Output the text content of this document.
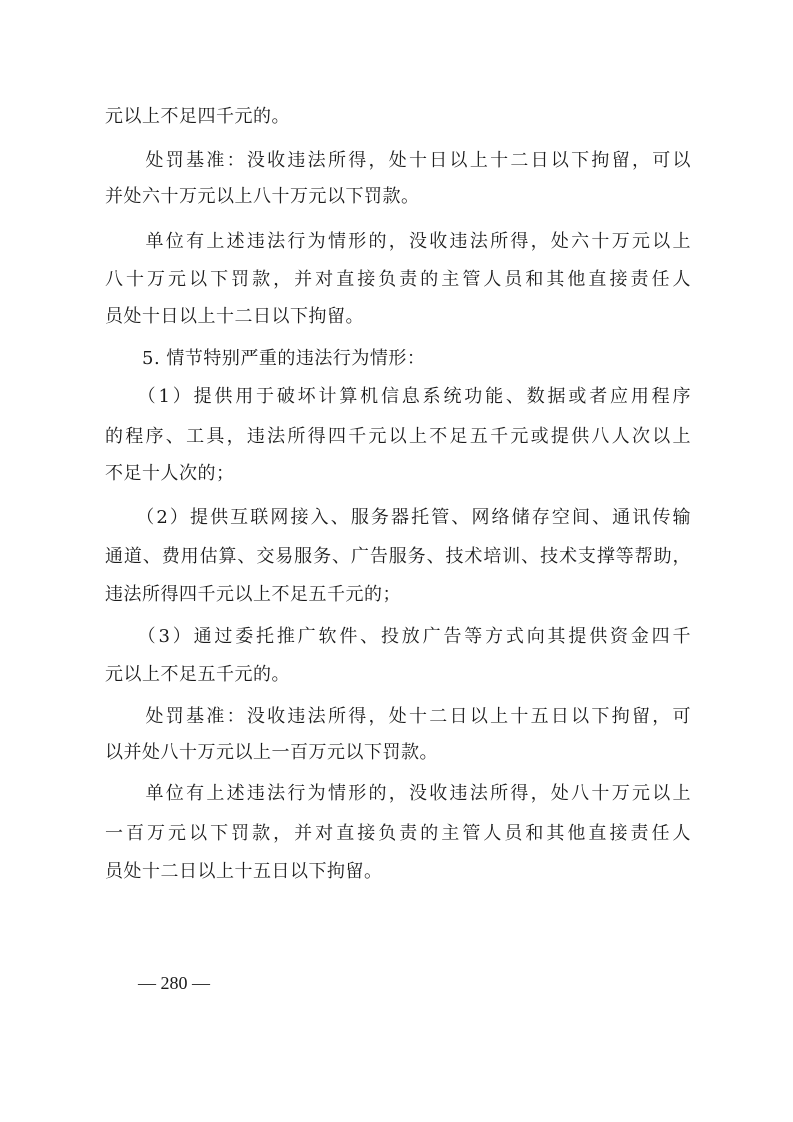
元以上不足四千元的。
　　处罚基准：没收违法所得，处十日以上十二日以下拘留，可以
并处六十万元以上八十万元以下罚款。
　　单位有上述违法行为情形的，没收违法所得，处六十万元以上
八十万元以下罚款，并对直接负责的主管人员和其他直接责任人
员处十日以上十二日以下拘留。
　　5. 情节特别严重的违法行为情形：
　　（1）提供用于破坏计算机信息系统功能、数据或者应用程序
的程序、工具，违法所得四千元以上不足五千元或提供八人次以上
不足十人次的；
　　（2）提供互联网接入、服务器托管、网络储存空间、通讯传输
通道、费用估算、交易服务、广告服务、技术培训、技术支撑等帮助，
违法所得四千元以上不足五千元的；
　　（3）通过委托推广软件、投放广告等方式向其提供资金四千
元以上不足五千元的。
　　处罚基准：没收违法所得，处十二日以上十五日以下拘留，可
以并处八十万元以上一百万元以下罚款。
　　单位有上述违法行为情形的，没收违法所得，处八十万元以上
一百万元以下罚款，并对直接负责的主管人员和其他直接责任人
员处十二日以上十五日以下拘留。
— 280 —
